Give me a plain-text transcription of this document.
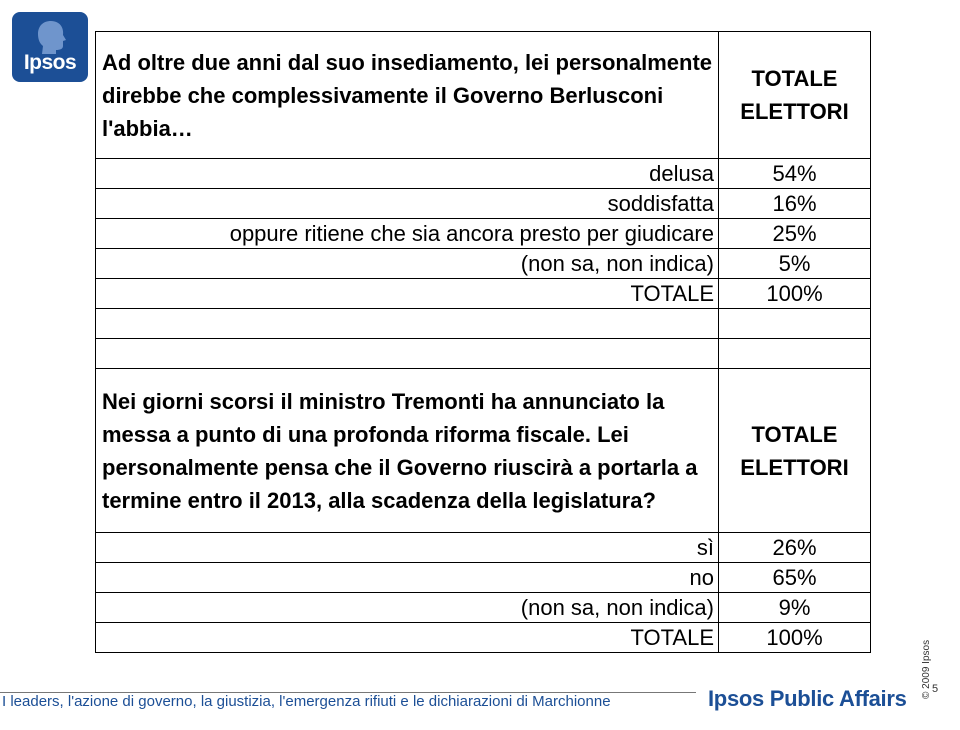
Ipsos	Ad oltre due anni dal suo insediamento, lei personalmente direbbe che complessivamente il Governo Berlusconi l'abbia…	TOTALE ELETTORI
delusa	54%
soddisfatta	16%
oppure ritiene che sia ancora presto per giudicare	25%
(non sa, non indica)	5%
TOTALE	100%

Nei giorni scorsi il ministro Tremonti ha annunciato la messa a punto di una profonda riforma fiscale. Lei personalmente pensa che il Governo riuscirà a portarla a termine entro il 2013, alla scadenza della legislatura?	TOTALE ELETTORI
sì	26%
no	65%
(non sa, non indica)	9%
TOTALE	100%
© 2009 Ipsos 5
I leaders, l'azione di governo, la giustizia, l'emergenza rifiuti e le dichiarazioni di Marchionne	Ipsos Public Affairs
